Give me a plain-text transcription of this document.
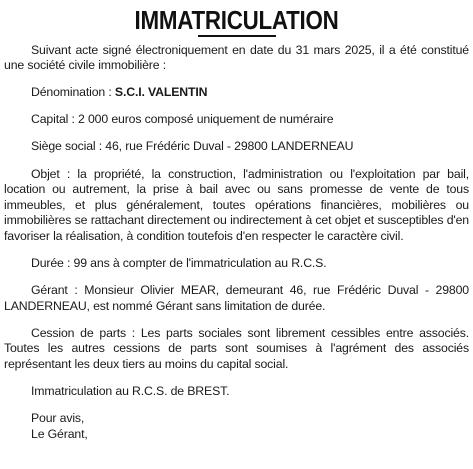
IMMATRICULATION

Suivant acte signé électroniquement en date du 31 mars 2025, il a été constitué une société civile immobilière :

Dénomination : S.C.I. VALENTIN

Capital : 2 000 euros composé uniquement de numéraire

Siège social : 46, rue Frédéric Duval - 29800 LANDERNEAU

Objet : la propriété, la construction, l'administration ou l'exploitation par bail, location ou autrement, la prise à bail avec ou sans promesse de vente de tous immeubles, et plus généralement, toutes opérations financières, mobilières ou immobilières se rattachant directement ou indirectement à cet objet et susceptibles d'en favoriser la réalisation, à condition toutefois d'en respecter le caractère civil.

Durée : 99 ans à compter de l'immatriculation au R.C.S.

Gérant : Monsieur Olivier MEAR, demeurant 46, rue Frédéric Duval - 29800 LANDERNEAU, est nommé Gérant sans limitation de durée.

Cession de parts : Les parts sociales sont librement cessibles entre associés. Toutes les autres cessions de parts sont soumises à l'agrément des associés représentant les deux tiers au moins du capital social.

Immatriculation au R.C.S. de BREST.

Pour avis,
Le Gérant,
